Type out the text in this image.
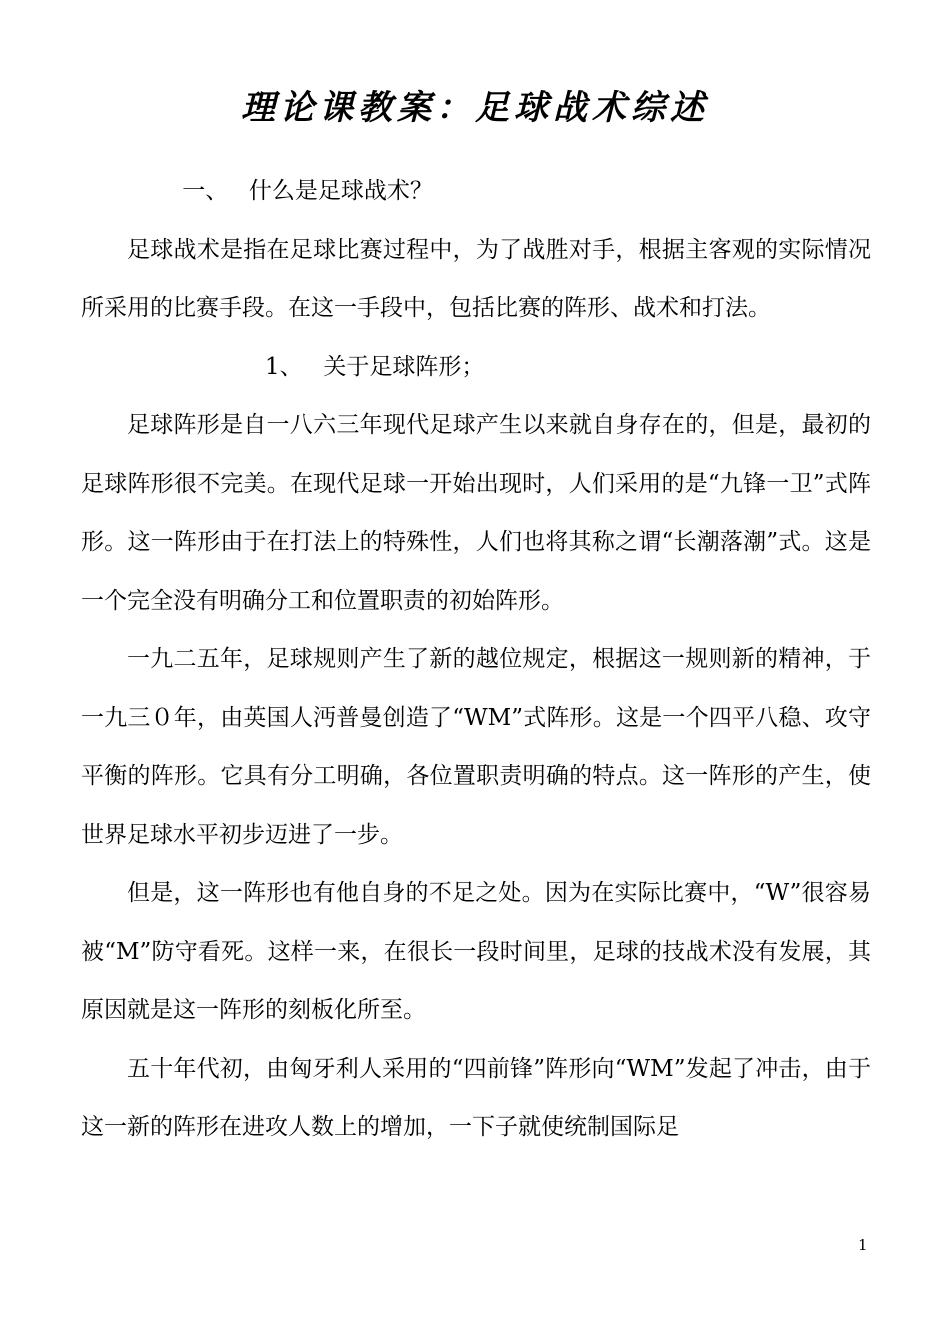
理论课教案：足球战术综述

一、 什么是足球战术？

足球战术是指在足球比赛过程中，为了战胜对手，根据主客观的实际情况所采用的比赛手段。在这一手段中，包括比赛的阵形、战术和打法。

1、 关于足球阵形；

足球阵形是自一八六三年现代足球产生以来就自身存在的，但是，最初的足球阵形很不完美。在现代足球一开始出现时，人们采用的是“九锋一卫”式阵形。这一阵形由于在打法上的特殊性，人们也将其称之谓“长潮落潮”式。这是一个完全没有明确分工和位置职责的初始阵形。

一九二五年，足球规则产生了新的越位规定，根据这一规则新的精神，于一九三０年，由英国人沔普曼创造了“WM”式阵形。这是一个四平八稳、攻守平衡的阵形。它具有分工明确，各位置职责明确的特点。这一阵形的产生，使世界足球水平初步迈进了一步。

但是，这一阵形也有他自身的不足之处。因为在实际比赛中，“W”很容易被“M”防守看死。这样一来，在很长一段时间里，足球的技战术没有发展，其原因就是这一阵形的刻板化所至。

五十年代初，由匈牙利人采用的“四前锋”阵形向“WM”发起了冲击，由于这一新的阵形在进攻人数上的增加，一下子就使统制国际足

1
